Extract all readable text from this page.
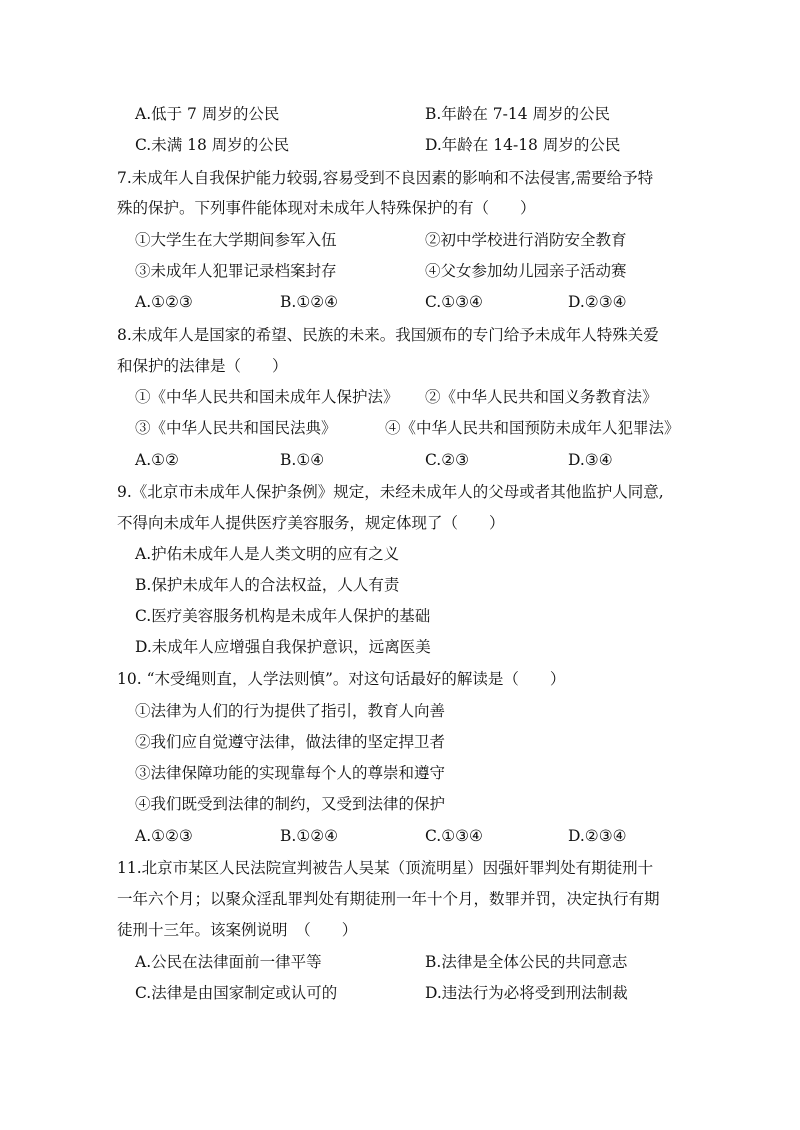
A.低于 7 周岁的公民	B.年龄在 7-14 周岁的公民
C.未满 18 周岁的公民	D.年龄在 14-18 周岁的公民
7.未成年人自我保护能力较弱,容易受到不良因素的影响和不法侵害,需要给予特
殊的保护。下列事件能体现对未成年人特殊保护的有（　　）
①大学生在大学期间参军入伍	②初中学校进行消防安全教育
③未成年人犯罪记录档案封存	④父女参加幼儿园亲子活动赛
A.①②③	B.①②④	C.①③④	D.②③④
8.未成年人是国家的希望、民族的未来。我国颁布的专门给予未成年人特殊关爱
和保护的法律是（　　）
①《中华人民共和国未成年人保护法》 ②《中华人民共和国义务教育法》
③《中华人民共和国民法典》	④《中华人民共和国预防未成年人犯罪法》
A.①②	B.①④	C.②③	D.③④
9.《北京市未成年人保护条例》规定，未经未成年人的父母或者其他监护人同意,
不得向未成年人提供医疗美容服务，规定体现了（　　）
A.护佑未成年人是人类文明的应有之义
B.保护未成年人的合法权益，人人有责
C.医疗美容服务机构是未成年人保护的基础
D.未成年人应增强自我保护意识，远离医美
10. “木受绳则直，人学法则慎”。对这句话最好的解读是（　　）
①法律为人们的行为提供了指引，教育人向善
②我们应自觉遵守法律，做法律的坚定捍卫者
③法律保障功能的实现靠每个人的尊崇和遵守
④我们既受到法律的制约，又受到法律的保护
A.①②③	B.①②④	C.①③④	D.②③④
11.北京市某区人民法院宣判被告人吴某（顶流明星）因强奸罪判处有期徒刑十
一年六个月；以聚众淫乱罪判处有期徒刑一年十个月，数罪并罚，决定执行有期
徒刑十三年。该案例说明　（　　）
A.公民在法律面前一律平等	B.法律是全体公民的共同意志
C.法律是由国家制定或认可的	D.违法行为必将受到刑法制裁
